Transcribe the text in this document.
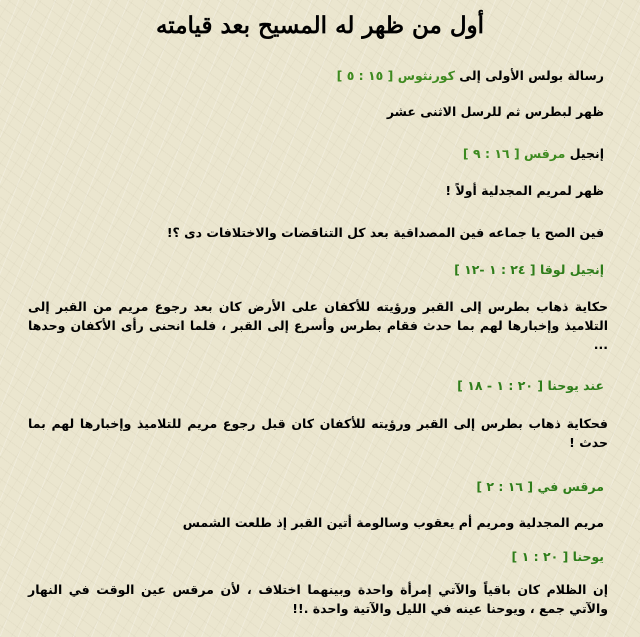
أول من ظهر له المسيح بعد قيامته
رسالة بولس الأولى إلى كورنثوس [ ١٥ : ٥ ]
ظهر لبطرس ثم للرسل الاثنى عشر
إنجيل مرقس [ ١٦ : ٩ ]
ظهر لمريم المجدلية أولاً !
فين الصح يا جماعه فين المصداقية بعد كل التناقضات والاختلافات دى ؟!
إنجيل لوقا [ ٢٤ : ١ -١٢ ]
حكاية ذهاب بطرس إلى القبر ورؤيته للأكفان على الأرض كان بعد رجوع مريم من القبر إلى التلاميذ وإخبارها لهم بما حدث فقام بطرس وأسرع إلى القبر ، فلما انحنى رأى الأكفان وحدها ...
عند يوحنا [ ٢٠ : ١ - ١٨ ]
فحكاية ذهاب بطرس إلى القبر ورؤيته للأكفان كان قبل رجوع مريم للتلاميذ وإخبارها لهم بما حدث !
مرقس في [ ١٦ : ٢ ]
مريم المجدلية ومريم أم يعقوب وسالومة أتين القبر إذ طلعت الشمس
يوحنا [ ٢٠ : ١ ]
إن الظلام كان باقياً والآتي إمرأة واحدة وبينهما اختلاف ، لأن مرقس عين الوقت في النهار والآتي جمع ، ويوحنا عينه في الليل والآتية واحدة .!!
